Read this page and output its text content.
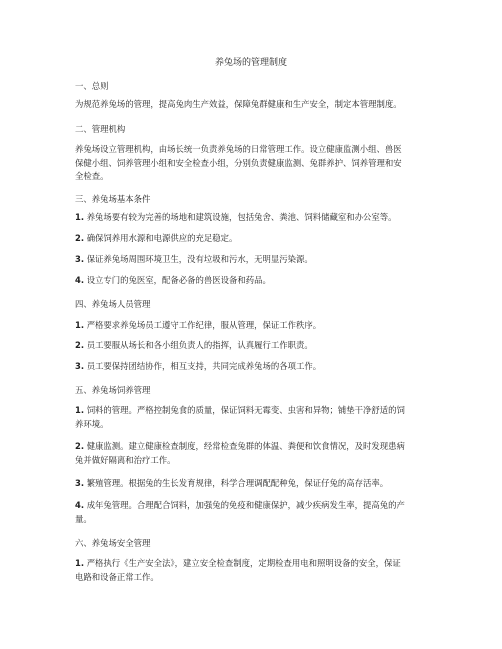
养兔场的管理制度
一、总则
为规范养兔场的管理，提高兔肉生产效益，保障兔群健康和生产安全，制定本管理制度。
二、管理机构
养兔场设立管理机构，由场长统一负责养兔场的日常管理工作。设立健康监测小组、兽医
保健小组、饲养管理小组和安全检查小组，分别负责健康监测、兔群养护、饲养管理和安
全检查。
三、养兔场基本条件
1. 养兔场要有较为完善的场地和建筑设施，包括兔舍、粪池、饲料储藏室和办公室等。
2. 确保饲养用水源和电源供应的充足稳定。
3. 保证养兔场周围环境卫生，没有垃圾和污水，无明显污染源。
4. 设立专门的兔医室，配备必备的兽医设备和药品。
四、养兔场人员管理
1. 严格要求养兔场员工遵守工作纪律，服从管理，保证工作秩序。
2. 员工要服从场长和各小组负责人的指挥，认真履行工作职责。
3. 员工要保持团结协作，相互支持，共同完成养兔场的各项工作。
五、养兔场饲养管理
1. 饲料的管理。严格控制兔食的质量，保证饲料无霉变、虫害和异物；铺垫干净舒适的饲
养环境。
2. 健康监测。建立健康检查制度，经常检查兔群的体温、粪便和饮食情况，及时发现患病
兔并做好隔离和治疗工作。
3. 繁殖管理。根据兔的生长发育规律，科学合理调配配种兔，保证仔兔的高存活率。
4. 成年兔管理。合理配合饲料，加强兔的免疫和健康保护，减少疾病发生率，提高兔的产
量。
六、养兔场安全管理
1. 严格执行《生产安全法》，建立安全检查制度，定期检查用电和照明设备的安全，保证
电路和设备正常工作。
